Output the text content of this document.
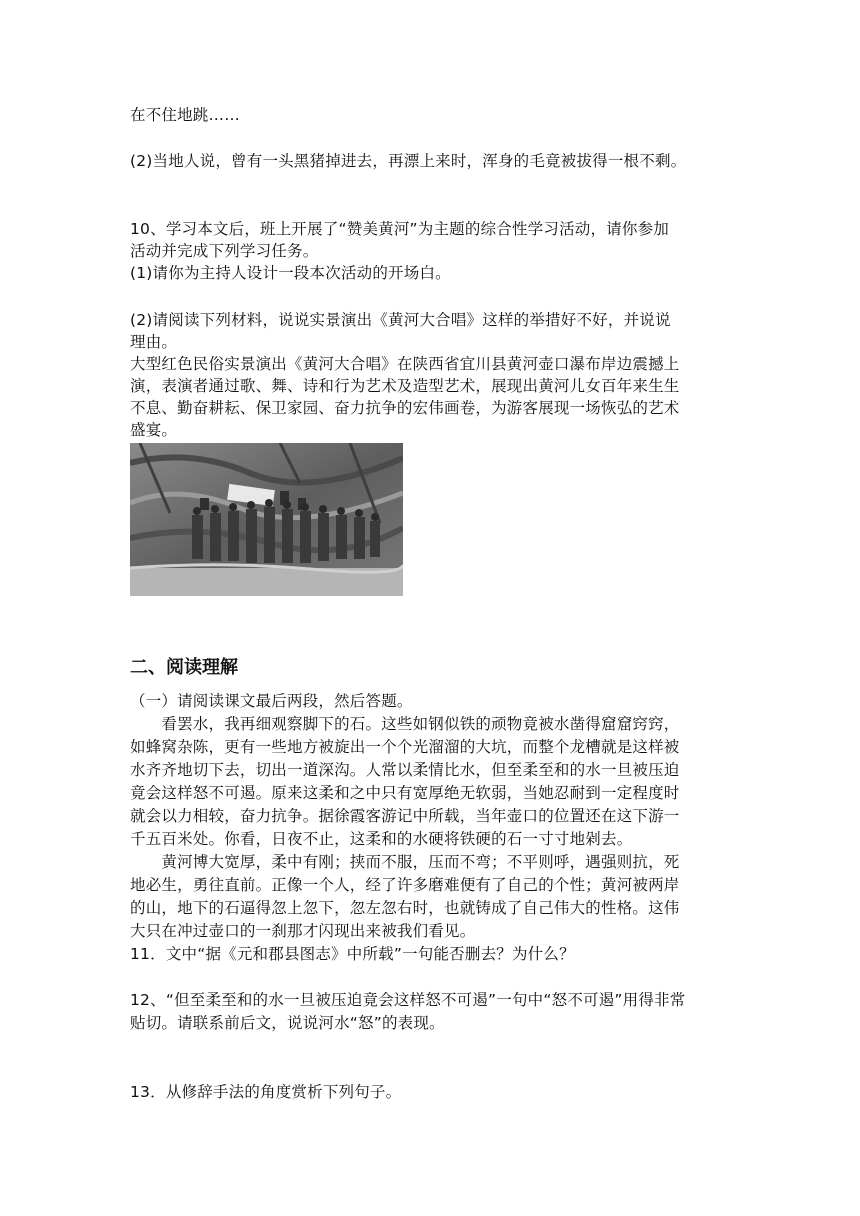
在不住地跳……
(2)当地人说，曾有一头黑猪掉进去，再漂上来时，浑身的毛竟被拔得一根不剩。
10、学习本文后，班上开展了“赞美黄河”为主题的综合性学习活动，请你参加
活动并完成下列学习任务。
(1)请你为主持人设计一段本次活动的开场白。
(2)请阅读下列材料，说说实景演出《黄河大合唱》这样的举措好不好，并说说
理由。
大型红色民俗实景演出《黄河大合唱》在陕西省宜川县黄河壶口瀑布岸边震撼上
演，表演者通过歌、舞、诗和行为艺术及造型艺术，展现出黄河儿女百年来生生
不息、勤奋耕耘、保卫家园、奋力抗争的宏伟画卷，为游客展现一场恢弘的艺术
盛宴。
二、阅读理解
（一）请阅读课文最后两段，然后答题。
　　看罢水，我再细观察脚下的石。这些如钢似铁的顽物竟被水凿得窟窟窍窍，
如蜂窝杂陈，更有一些地方被旋出一个个光溜溜的大坑，而整个龙槽就是这样被
水齐齐地切下去，切出一道深沟。人常以柔情比水，但至柔至和的水一旦被压迫
竟会这样怒不可遏。原来这柔和之中只有宽厚绝无软弱，当她忍耐到一定程度时
就会以力相较，奋力抗争。据徐霞客游记中所载，当年壶口的位置还在这下游一
千五百米处。你看，日夜不止，这柔和的水硬将铁硬的石一寸寸地剁去。
　　黄河博大宽厚，柔中有刚；挟而不服，压而不弯；不平则呼，遇强则抗，死
地必生，勇往直前。正像一个人，经了许多磨难便有了自己的个性；黄河被两岸
的山，地下的石逼得忽上忽下，忽左忽右时，也就铸成了自己伟大的性格。这伟
大只在冲过壶口的一刹那才闪现出来被我们看见。
11．文中“据《元和郡县图志》中所载”一句能否删去？为什么？
12、“但至柔至和的水一旦被压迫竟会这样怒不可遏”一句中“怒不可遏”用得非常
贴切。请联系前后文，说说河水“怒”的表现。
13．从修辞手法的角度赏析下列句子。
